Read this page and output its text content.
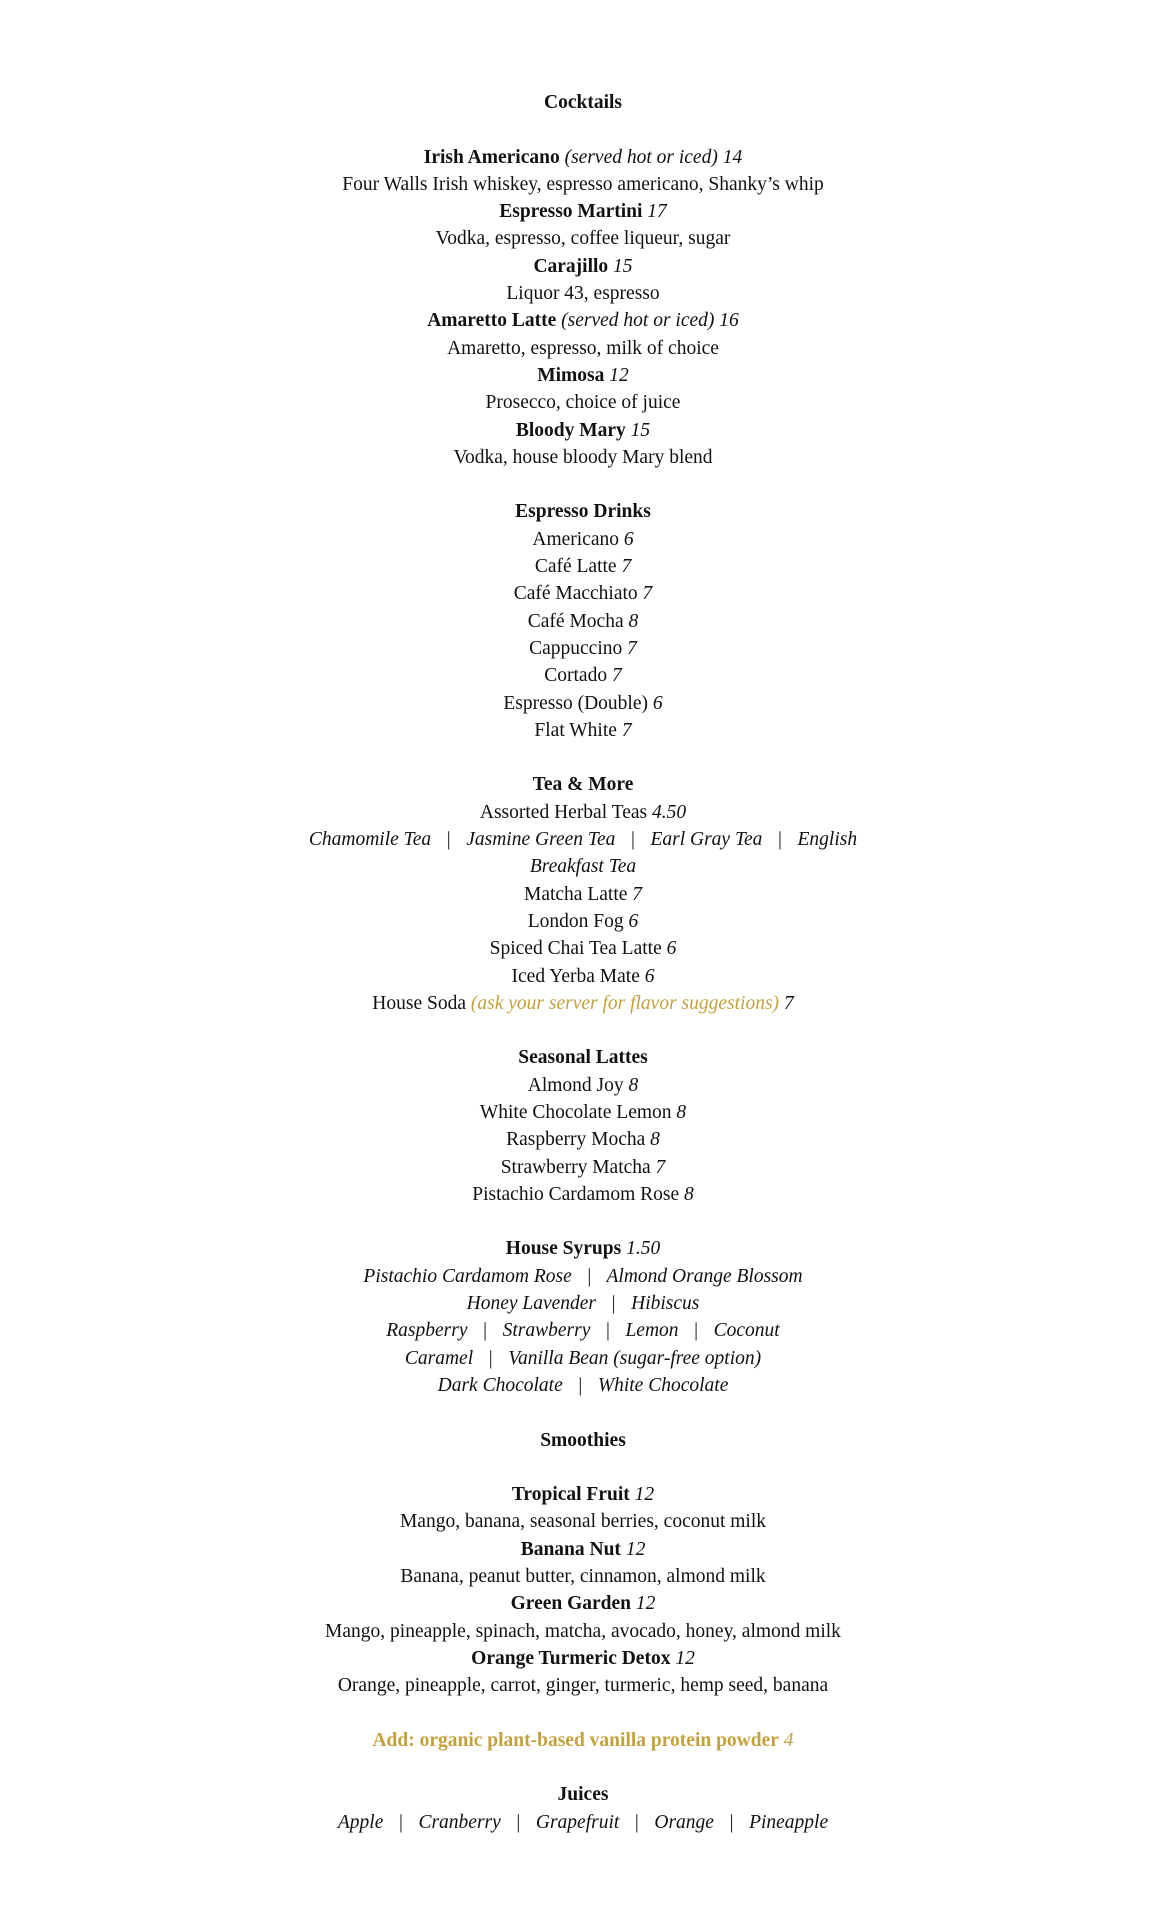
Cocktails
Irish Americano (served hot or iced) 14
Four Walls Irish whiskey, espresso americano, Shanky’s whip
Espresso Martini 17
Vodka, espresso, coffee liqueur, sugar
Carajillo 15
Liquor 43, espresso
Amaretto Latte (served hot or iced) 16
Amaretto, espresso, milk of choice
Mimosa 12
Prosecco, choice of juice
Bloody Mary 15
Vodka, house bloody Mary blend
Espresso Drinks
Americano 6
Café Latte 7
Café Macchiato 7
Café Mocha 8
Cappuccino 7
Cortado 7
Espresso (Double) 6
Flat White 7
Tea & More
Assorted Herbal Teas 4.50
Chamomile Tea | Jasmine Green Tea | Earl Gray Tea | English Breakfast Tea
Matcha Latte 7
London Fog 6
Spiced Chai Tea Latte 6
Iced Yerba Mate 6
House Soda (ask your server for flavor suggestions) 7
Seasonal Lattes
Almond Joy 8
White Chocolate Lemon 8
Raspberry Mocha 8
Strawberry Matcha 7
Pistachio Cardamom Rose 8
House Syrups 1.50
Pistachio Cardamom Rose | Almond Orange Blossom
Honey Lavender | Hibiscus
Raspberry | Strawberry | Lemon | Coconut
Caramel | Vanilla Bean (sugar-free option)
Dark Chocolate | White Chocolate
Smoothies
Tropical Fruit 12
Mango, banana, seasonal berries, coconut milk
Banana Nut 12
Banana, peanut butter, cinnamon, almond milk
Green Garden 12
Mango, pineapple, spinach, matcha, avocado, honey, almond milk
Orange Turmeric Detox 12
Orange, pineapple, carrot, ginger, turmeric, hemp seed, banana
Add: organic plant-based vanilla protein powder 4
Juices
Apple | Cranberry | Grapefruit | Orange | Pineapple
